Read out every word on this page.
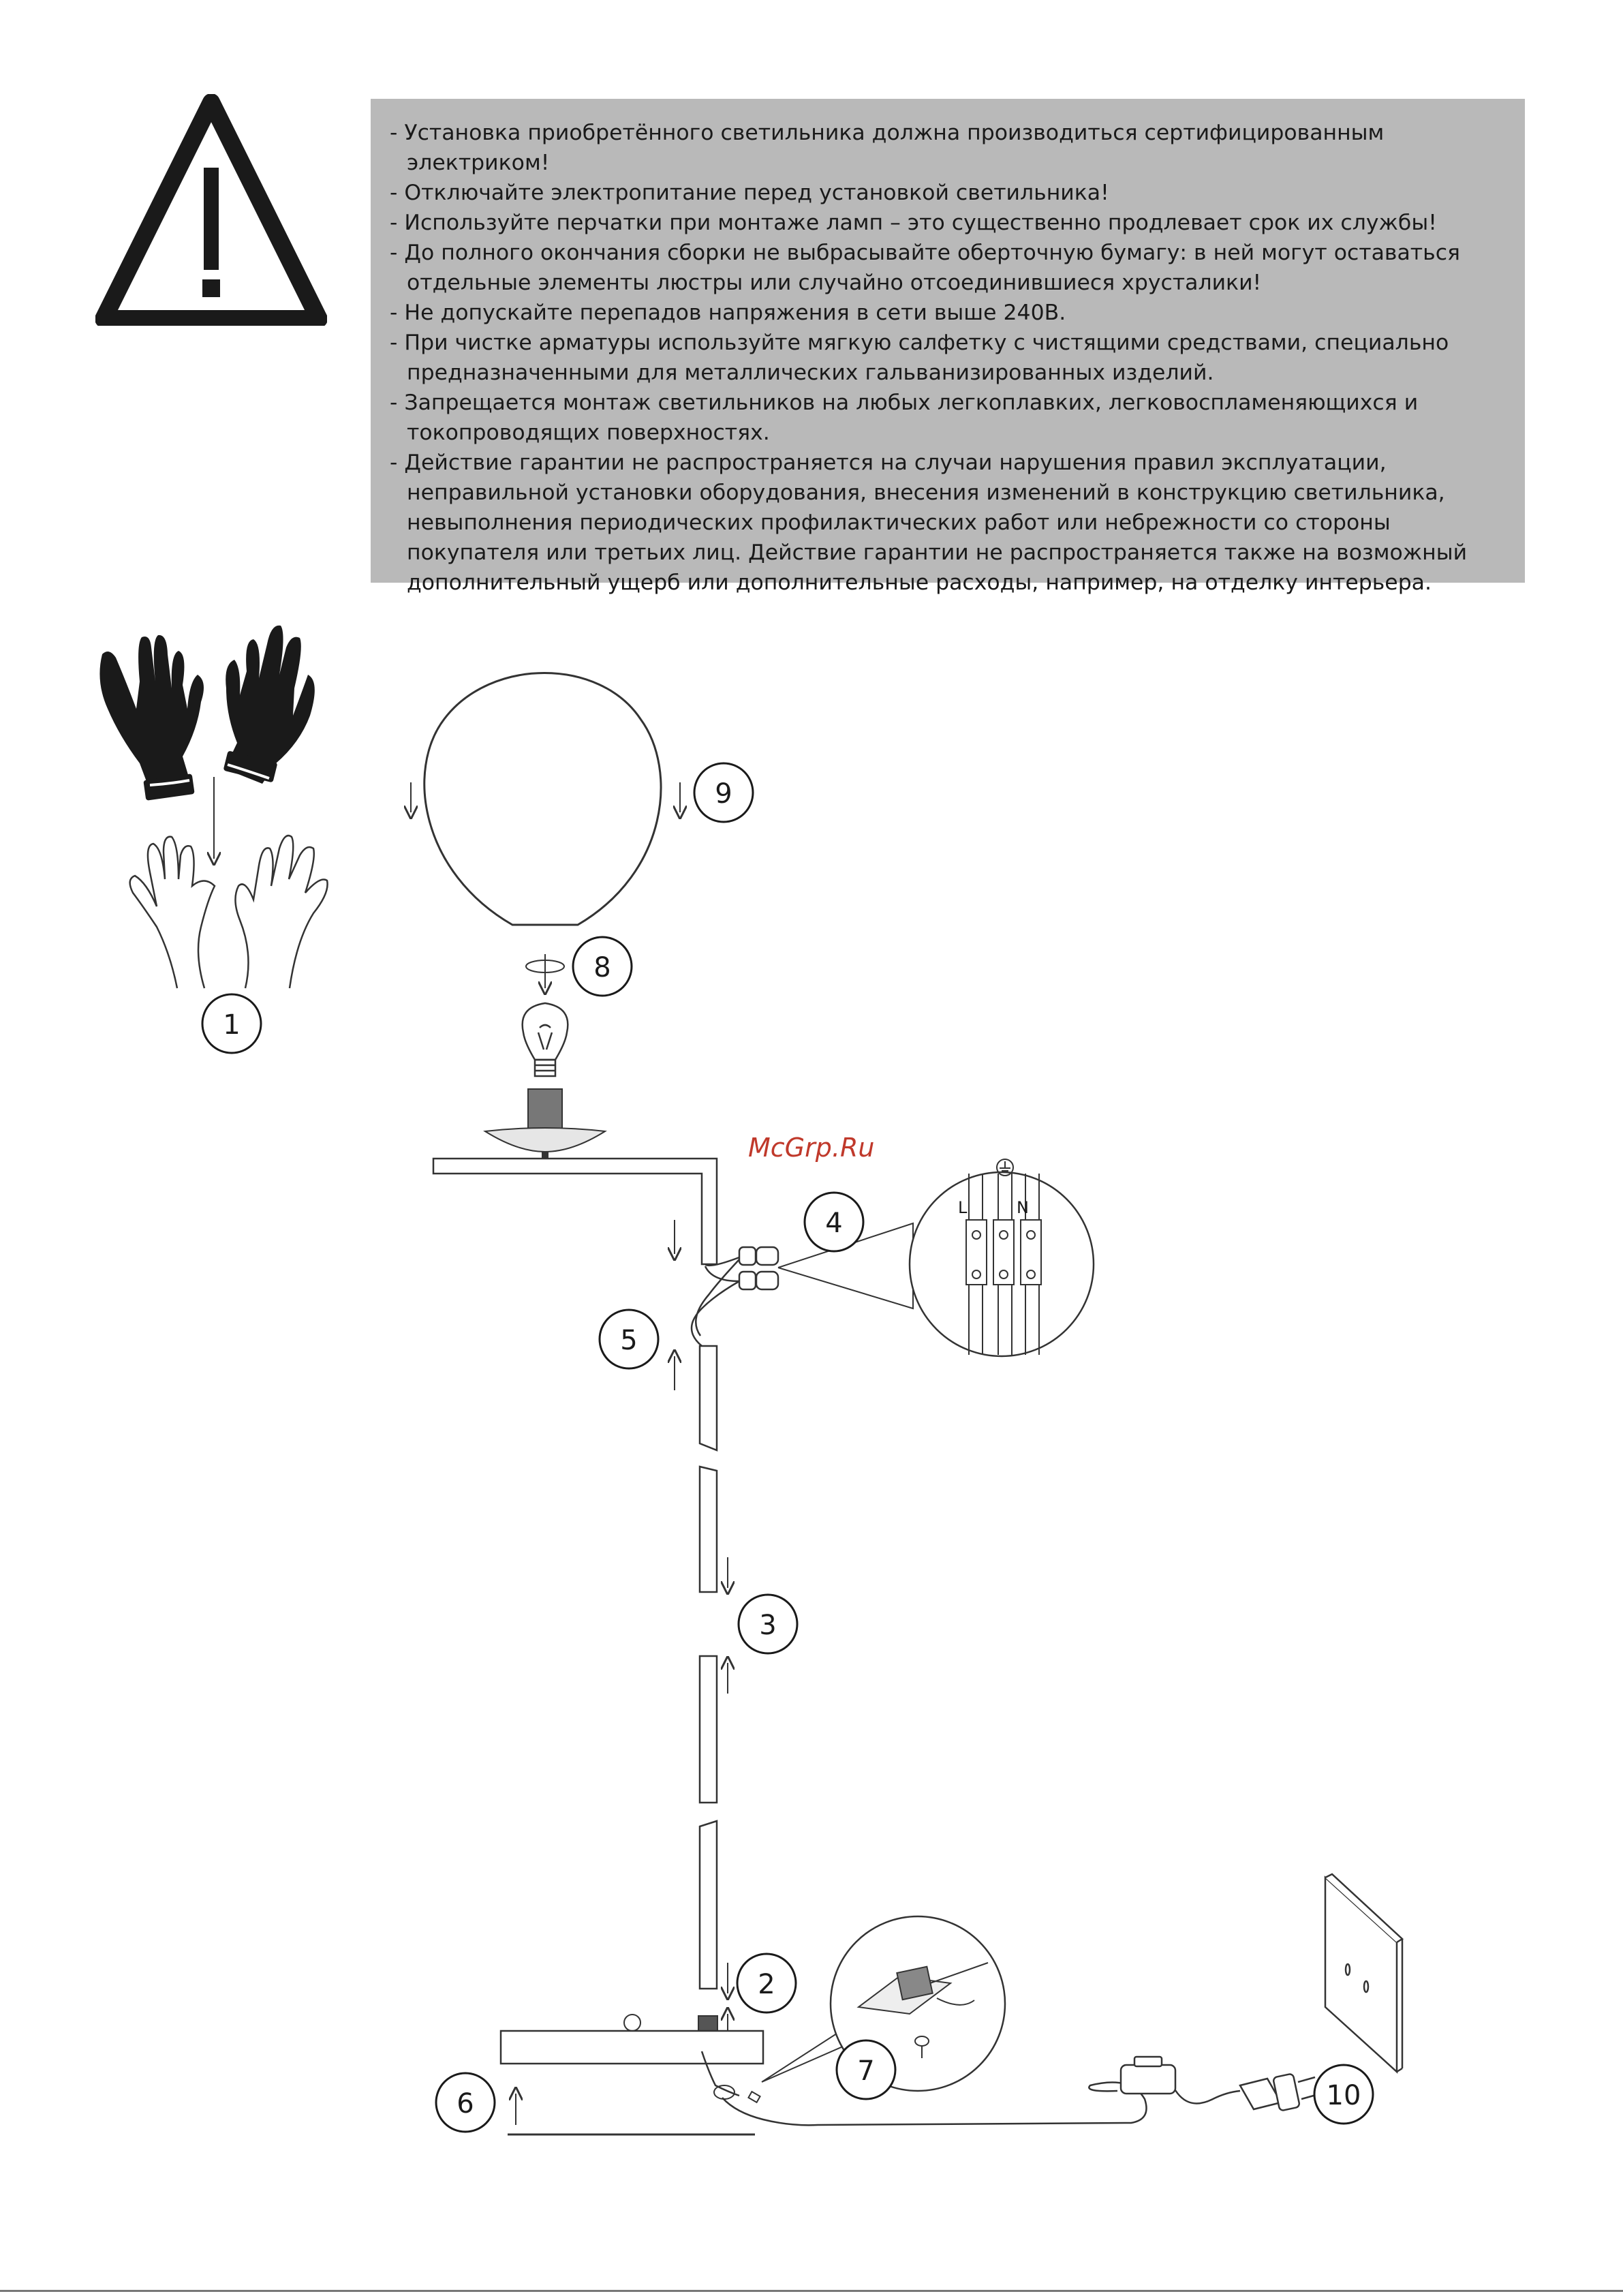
- Установка приобретённого светильника должна производиться сертифицированным электриком!
- Отключайте электропитание перед установкой светильника!
- Используйте перчатки при монтаже ламп – это существенно продлевает срок их службы!
- До полного окончания сборки не выбрасывайте оберточную бумагу: в ней могут оставаться отдельные элементы люстры или случайно отсоединившиеся хрусталики!
- Не допускайте перепадов напряжения в сети выше 240В.
- При чистке арматуры используйте мягкую салфетку с чистящими средствами, специально предназначенными для металлических гальванизированных изделий.
- Запрещается монтаж светильников на любых легкоплавких, легковоспламеняющихся и токопроводящих поверхностях.
- Действие гарантии не распространяется на случаи нарушения правил эксплуатации, неправильной установки оборудования, внесения изменений в конструкцию светильника, невыполнения периодических профилактических работ или небрежности со стороны покупателя или третьих лиц. Действие гарантии не распространяется также на возможный дополнительный ущерб или дополнительные расходы, например, на отделку интерьера.
L	N
1
9
8
4
5
3
2
7
6	10
McGrp.Ru
